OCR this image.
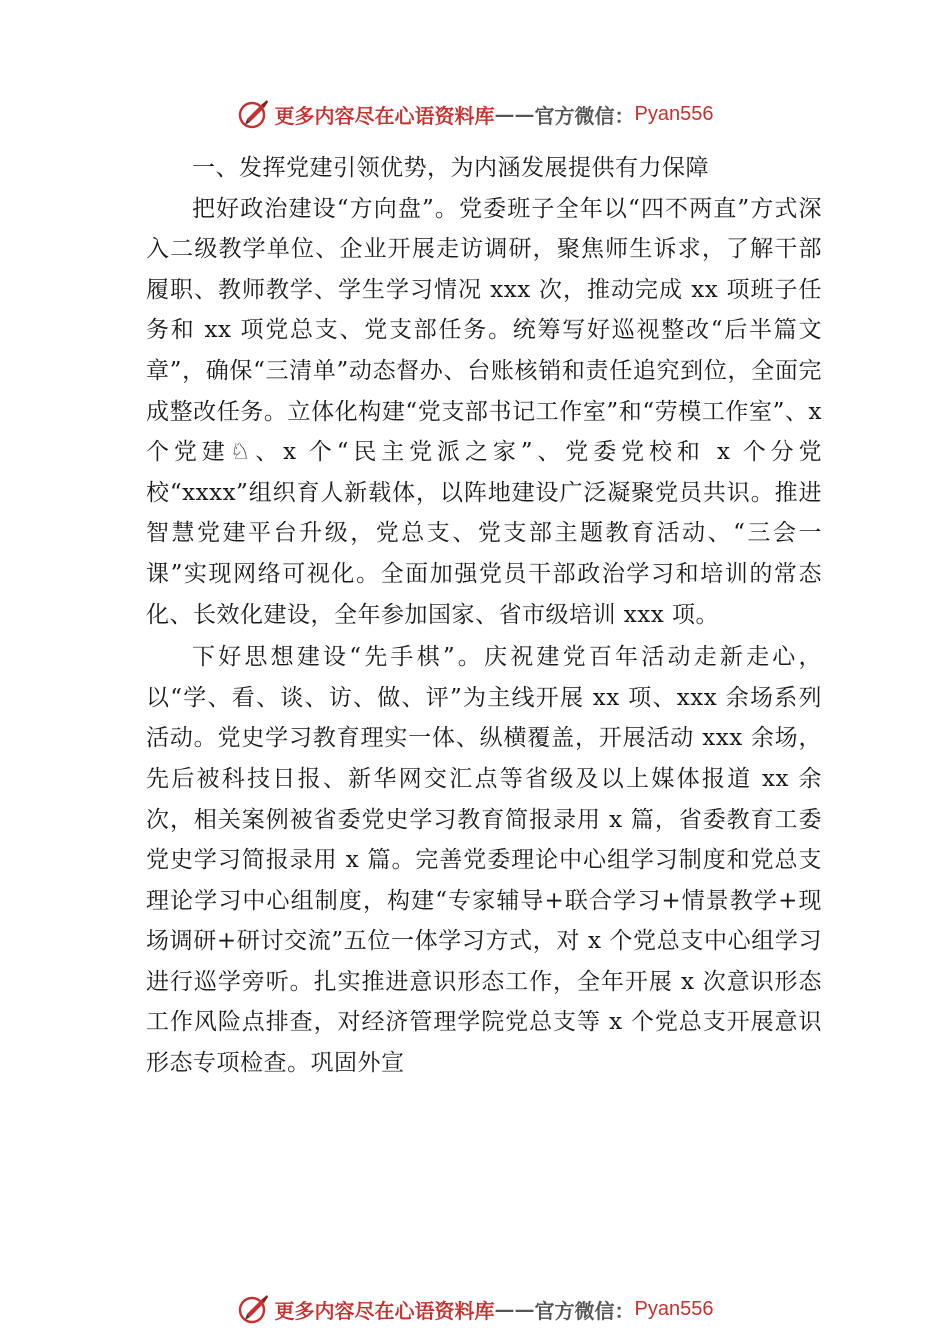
更多内容尽在心语资料库 —— 官方微信： Pyan556

一、发挥党建引领优势，为内涵发展提供有力保障

把好政治建设“方向盘”。党委班子全年以“四不两直”方式深入二级教学单位、企业开展走访调研，聚焦师生诉求，了解干部履职、教师教学、学生学习情况 xxx 次，推动完成 xx 项班子任务和 xx 项党总支、党支部任务。统筹写好巡视整改“后半篇文章”，确保“三清单”动态督办、台账核销和责任追究到位，全面完成整改任务。立体化构建“党支部书记工作室”和“劳模工作室”、x 个党建♘、x 个“民主党派之家”、党委党校和 x 个分党校“xxxx”组织育人新载体，以阵地建设广泛凝聚党员共识。推进智慧党建平台升级，党总支、党支部主题教育活动、“三会一课”实现网络可视化。全面加强党员干部政治学习和培训的常态化、长效化建设，全年参加国家、省市级培训 xxx 项。

下好思想建设“先手棋”。庆祝建党百年活动走新走心，以“学、看、谈、访、做、评”为主线开展 xx 项、xxx 余场系列活动。党史学习教育理实一体、纵横覆盖，开展活动 xxx 余场，先后被科技日报、新华网交汇点等省级及以上媒体报道 xx 余次，相关案例被省委党史学习教育简报录用 x 篇，省委教育工委党史学习简报录用 x 篇。完善党委理论中心组学习制度和党总支理论学习中心组制度，构建“专家辅导+联合学习+情景教学+现场调研+研讨交流”五位一体学习方式，对 x 个党总支中心组学习进行巡学旁听。扎实推进意识形态工作，全年开展 x 次意识形态工作风险点排查，对经济管理学院党总支等 x 个党总支开展意识形态专项检查。巩固外宣

更多内容尽在心语资料库 —— 官方微信： Pyan556
